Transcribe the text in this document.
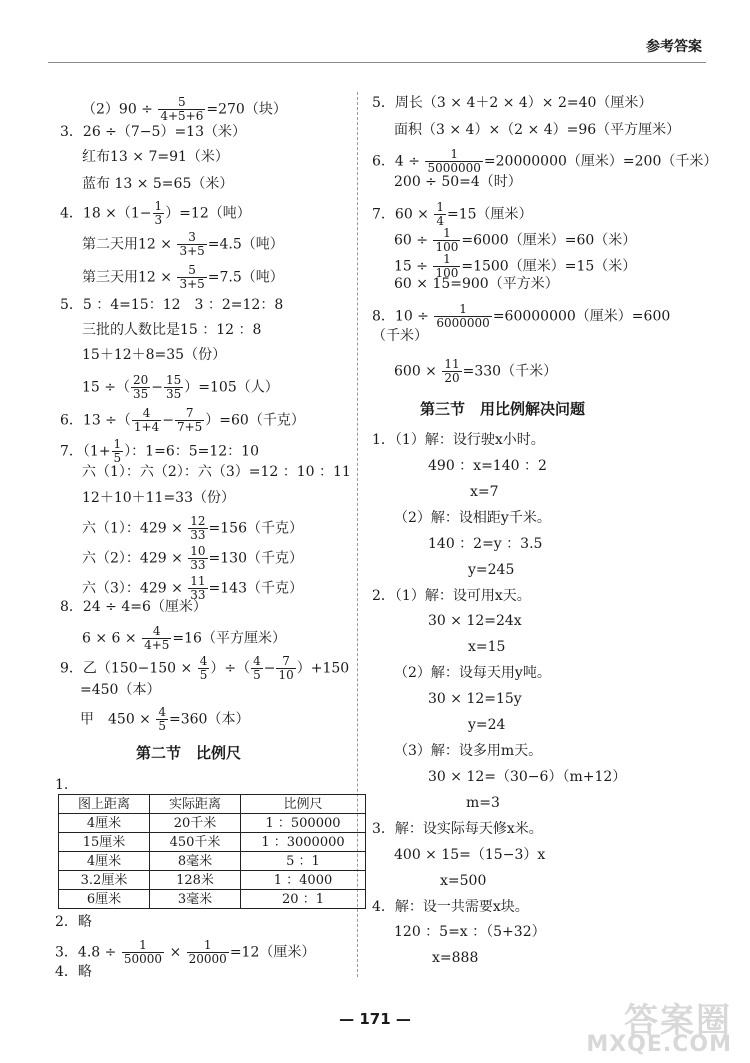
参考答案
$(2)90 \div \frac{5}{4+5+6} =270$（块）
3．26 ÷（7−5）=13（米）
红布13 × 7=91（米）
蓝布 13 × 5=65（米）
4．$18 \times(1- \frac{1}{3} )=12$（吨）
第二天用$12 \times \frac{3}{3+5} =4.5$（吨）
第三天用$12 \times \frac{5}{3+5} =7.5$（吨）
5．5 ：4=15：12　3 ：2=12：8
三批的人数比是15 ：12 ：8
15＋12＋8=35（份）
15 ÷（ $\frac{20}{35} - \frac{15}{35} )=105$（人）
6．13 ÷（ $\frac{4}{1+4} - \frac{7}{7+5} )=60$（千克）
7．（$1+ \frac{1}{5}$ ）：1=6：5=12：10
六（1）：六（2）：六（3）=12 ：10 ：11
12＋10＋11=33（份）
六（1）：$429 \times \frac{12}{33} =156$（千克）
六（2）：$429 \times \frac{10}{33} =130$（千克）
六（3）：$429 \times \frac{11}{33} =143$（千克）
8．24 ÷ 4=6（厘米）
$6 \times 6 \times \frac{4}{4+5} =16$（平方厘米）
9．乙（$150-150 \times \frac{4}{5}$ ）÷（ $\frac{4}{5} - \frac{7}{10} )+150$
=450（本）
甲　$450 \times \frac{4}{5} =360$（本）
第二节　比例尺
1.
图上距离	实际距离	比例尺
4厘米	20千米	1 ：500000
15厘米	450千米	1 ：3000000
4厘米	8毫米	5 ：1
3.2厘米	128米	1 ：4000
6厘米	3毫米	20 ：1
2．略
3．$4.8 \div \frac{1}{50000} \times \frac{1}{20000} =12$（厘米）
4．略
5．周长（3 × 4＋2 × 4）× 2=40（厘米）
面积（3 × 4）×（2 × 4）=96（平方厘米）
6．$4 \div \frac{1}{5000000} =20000000$（厘米）=200（千米）
200 ÷ 50=4（时）
7．$60 \times \frac{1}{4} =15$（厘米）
$60 \div \frac{1}{100} =6000$（厘米）=60（米）
$15 \div \frac{1}{100} =1500$（厘米）=15（米）
60 × 15=900（平方米）
8．$10 \div \frac{1}{6000000} =60000000$（厘米）=600
（千米）
$600 \times \frac{11}{20} =330$（千米）
第三节　用比例解决问题
1．（1）解：设行驶x小时。
490 ：x=140 ：2
x=7
（2）解：设相距y千米。
140 ：2=y ：3.5
y=245
2．（1）解：设可用x天。
30 × 12=24x
x=15
（2）解：设每天用y吨。
30 × 12=15y
y=24
（3）解：设多用m天。
30 × 12=（30−6）（m+12）
m=3
3．解：设实际每天修x米。
400 × 15=（15−3）x
x=500
4．解：设一共需要x块。
120 ：5=x ：（5+32）
x=888
— 171 —	答案圈
MXQE.COM
